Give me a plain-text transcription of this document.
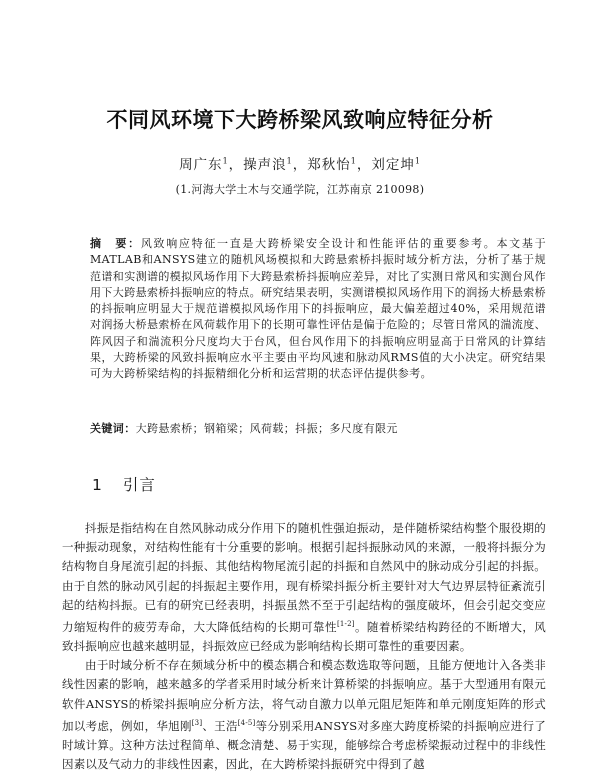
不同风环境下大跨桥梁风致响应特征分析
周广东$^1$，操声浪$^1$，郑秋怡$^1$，刘定坤$^1$
(1.河海大学土木与交通学院，江苏南京 210098)
摘　要：风致响应特征一直是大跨桥梁安全设计和性能评估的重要参考。本文基于MATLAB和ANSYS建立的随机风场模拟和大跨悬索桥抖振时域分析方法，分析了基于规范谱和实测谱的模拟风场作用下大跨悬索桥抖振响应差异，对比了实测日常风和实测台风作用下大跨悬索桥抖振响应的特点。研究结果表明，实测谱模拟风场作用下的润扬大桥悬索桥的抖振响应明显大于规范谱模拟风场作用下的抖振响应，最大偏差超过40%，采用规范谱对润扬大桥悬索桥在风荷载作用下的长期可靠性评估是偏于危险的；尽管日常风的湍流度、阵风因子和湍流积分尺度均大于台风，但台风作用下的抖振响应明显高于日常风的计算结果，大跨桥梁的风致抖振响应水平主要由平均风速和脉动风RMS值的大小决定。研究结果可为大跨桥梁结构的抖振精细化分析和运营期的状态评估提供参考。
关键词：大跨悬索桥；钢箱梁；风荷载；抖振；多尺度有限元
1 引言

抖振是指结构在自然风脉动成分作用下的随机性强迫振动，是伴随桥梁结构整个服役期的一种振动现象，对结构性能有十分重要的影响。根据引起抖振脉动风的来源，一般将抖振分为结构物自身尾流引起的抖振、其他结构物尾流引起的抖振和自然风中的脉动成分引起的抖振。由于自然的脉动风引起的抖振起主要作用，现有桥梁抖振分析主要针对大气边界层特征紊流引起的结构抖振。已有的研究已经表明，抖振虽然不至于引起结构的强度破坏，但会引起交变应力缩短构件的疲劳寿命，大大降低结构的长期可靠性[1-2]。随着桥梁结构跨径的不断增大，风致抖振响应也越来越明显，抖振效应已经成为影响结构长期可靠性的重要因素。

由于时域分析不存在频域分析中的模态耦合和模态数选取等问题，且能方便地计入各类非线性因素的影响，越来越多的学者采用时域分析来计算桥梁的抖振响应。基于大型通用有限元软件ANSYS的桥梁抖振响应分析方法，将气动自激力以单元阻尼矩阵和单元刚度矩阵的形式加以考虑，例如，华旭刚[3]、王浩[4-5]等分别采用ANSYS对多座大跨度桥梁的抖振响应进行了时域计算。这种方法过程简单、概念清楚、易于实现，能够综合考虑桥梁振动过程中的非线性因素以及气动力的非线性因素，因此，在大跨桥梁抖振研究中得到了越
